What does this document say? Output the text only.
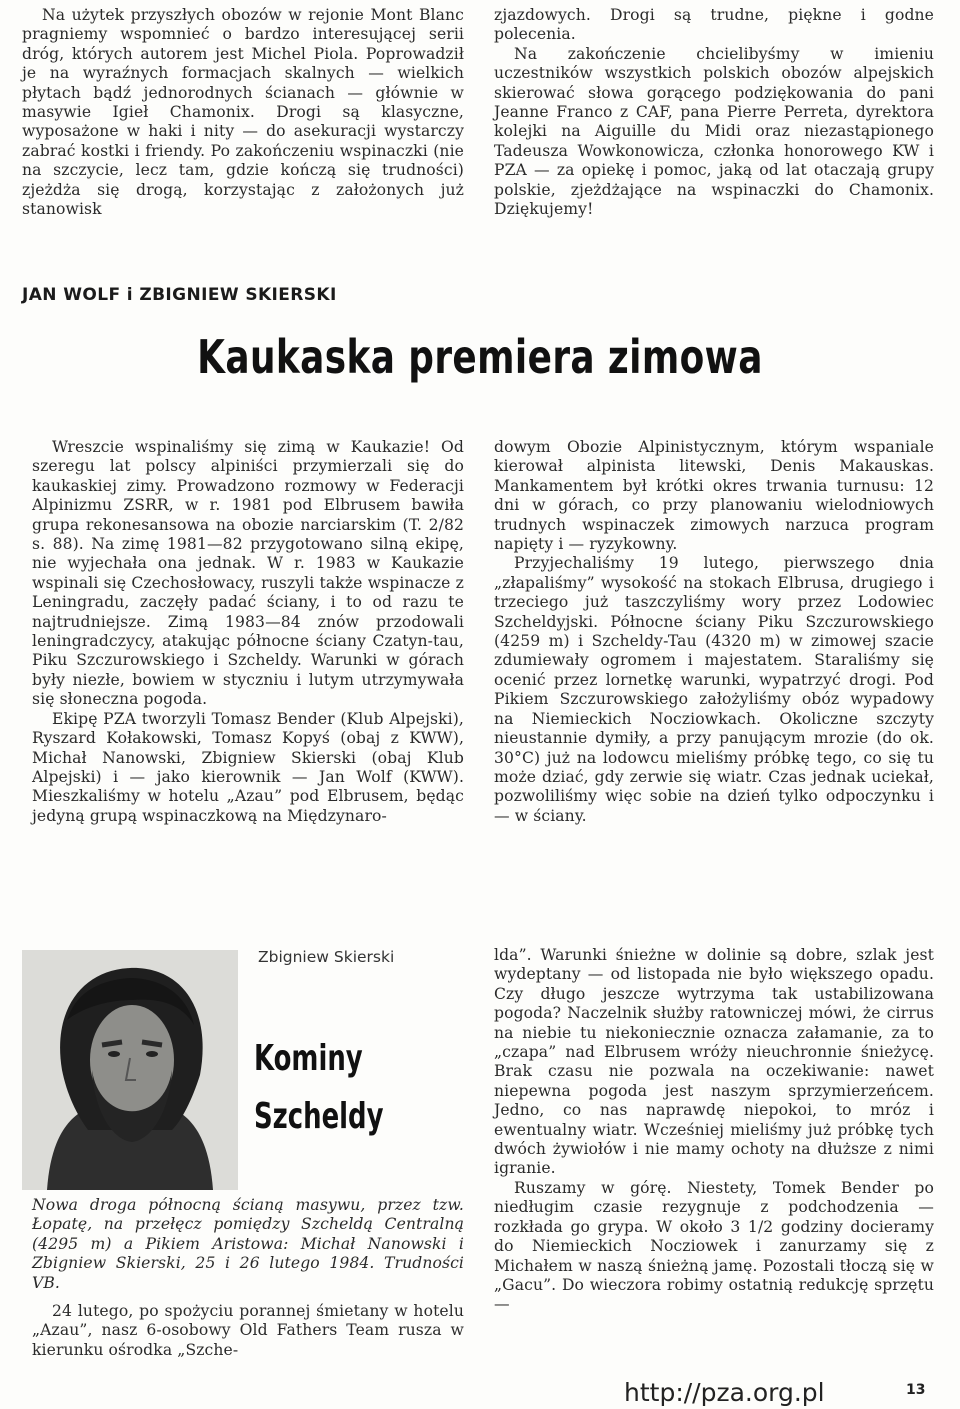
Na użytek przyszłych obozów w rejonie Mont Blanc pragniemy wspomnieć o bardzo interesującej serii dróg, których autorem jest Michel Piola. Poprowadził je na wyraźnych formacjach skalnych — wielkich płytach bądź jednorodnych ścianach — głównie w masywie Igieł Chamonix. Drogi są klasyczne, wyposażone w haki i nity — do asekuracji wystarczy zabrać kostki i friendy. Po zakończeniu wspinaczki (nie na szczycie, lecz tam, gdzie kończą się trudności) zjeżdża się drogą, korzystając z założonych już stanowisk

zjazdowych. Drogi są trudne, piękne i godne polecenia.

Na zakończenie chcielibyśmy w imieniu uczestników wszystkich polskich obozów alpejskich skierować słowa gorącego podziękowania do pani Jeanne Franco z CAF, pana Pierre Perreta, dyrektora kolejki na Aiguille du Midi oraz niezastąpionego Tadeusza Wowkonowicza, członka honorowego KW i PZA — za opiekę i pomoc, jaką od lat otaczają grupy polskie, zjeżdżające na wspinaczki do Chamonix. Dziękujemy!

JAN WOLF i ZBIGNIEW SKIERSKI
Kaukaska premiera zimowa

Wreszcie wspinaliśmy się zimą w Kaukazie! Od szeregu lat polscy alpiniści przymierzali się do kaukaskiej zimy. Prowadzono rozmowy w Federacji Alpinizmu ZSRR, w r. 1981 pod Elbrusem bawiła grupa rekonesansowa na obozie narciarskim (T. 2/82 s. 88). Na zimę 1981—82 przygotowano silną ekipę, nie wyjechała ona jednak. W r. 1983 w Kaukazie wspinali się Czechosłowacy, ruszyli także wspinacze z Leningradu, zaczęły padać ściany, i to od razu te najtrudniejsze. Zimą 1983—84 znów przodowali leningradczycy, atakując północne ściany Czatyn-tau, Piku Szczurowskiego i Szcheldy. Warunki w górach były niezłe, bowiem w styczniu i lutym utrzymywała się słoneczna pogoda.

Ekipę PZA tworzyli Tomasz Bender (Klub Alpejski), Ryszard Kołakowski, Tomasz Kopyś (obaj z KWW), Michał Nanowski, Zbigniew Skierski (obaj Klub Alpejski) i — jako kierownik — Jan Wolf (KWW). Mieszkaliśmy w hotelu „Azau” pod Elbrusem, będąc jedyną grupą wspinaczkową na Międzynaro-

dowym Obozie Alpinistycznym, którym wspaniale kierował alpinista litewski, Denis Makauskas. Mankamentem był krótki okres trwania turnusu: 12 dni w górach, co przy planowaniu wielodniowych trudnych wspinaczek zimowych narzuca program napięty i — ryzykowny.

Przyjechaliśmy 19 lutego, pierwszego dnia „złapaliśmy” wysokość na stokach Elbrusa, drugiego i trzeciego już taszczyliśmy wory przez Lodowiec Szcheldyjski. Północne ściany Piku Szczurowskiego (4259 m) i Szcheldy-Tau (4320 m) w zimowej szacie zdumiewały ogromem i majestatem. Staraliśmy się ocenić przez lornetkę warunki, wypatrzyć drogi. Pod Pikiem Szczurowskiego założyliśmy obóz wypadowy na Niemieckich Nocziowkach. Okoliczne szczyty nieustannie dymiły, a przy panującym mrozie (do ok. 30°C) już na lodowcu mieliśmy próbkę tego, co się tu może dziać, gdy zerwie się wiatr. Czas jednak uciekał, pozwoliliśmy więc sobie na dzień tylko odpoczynku i — w ściany.

Zbigniew Skierski
Kominy
Szcheldy

Nowa droga północną ścianą masywu, przez tzw. Łopatę, na przełęcz pomiędzy Szcheldą Centralną (4295 m) a Pikiem Aristowa: Michał Nanowski i Zbigniew Skierski, 25 i 26 lutego 1984. Trudności VB.

24 lutego, po spożyciu porannej śmietany w hotelu „Azau”, nasz 6-osobowy Old Fathers Team rusza w kierunku ośrodka „Szche-

lda”. Warunki śnieżne w dolinie są dobre, szlak jest wydeptany — od listopada nie było większego opadu. Czy długo jeszcze wytrzyma tak ustabilizowana pogoda? Naczelnik służby ratowniczej mówi, że cirrus na niebie tu niekoniecznie oznacza załamanie, za to „czapa” nad Elbrusem wróży nieuchronnie śnieżycę. Brak czasu nie pozwala na oczekiwanie: nawet niepewna pogoda jest naszym sprzymierzeńcem. Jedno, co nas naprawdę niepokoi, to mróz i ewentualny wiatr. Wcześniej mieliśmy już próbkę tych dwóch żywiołów i nie mamy ochoty na dłuższe z nimi igranie.

Ruszamy w górę. Niestety, Tomek Bender po niedługim czasie rezygnuje z podchodzenia — rozkłada go grypa. W około 3 1/2 godziny docieramy do Niemieckich Nocziowek i zanurzamy się z Michałem w naszą śnieżną jamę. Pozostali tłoczą się w „Gacu”. Do wieczora robimy ostatnią redukcję sprzętu —

http://pza.org.pl	13
